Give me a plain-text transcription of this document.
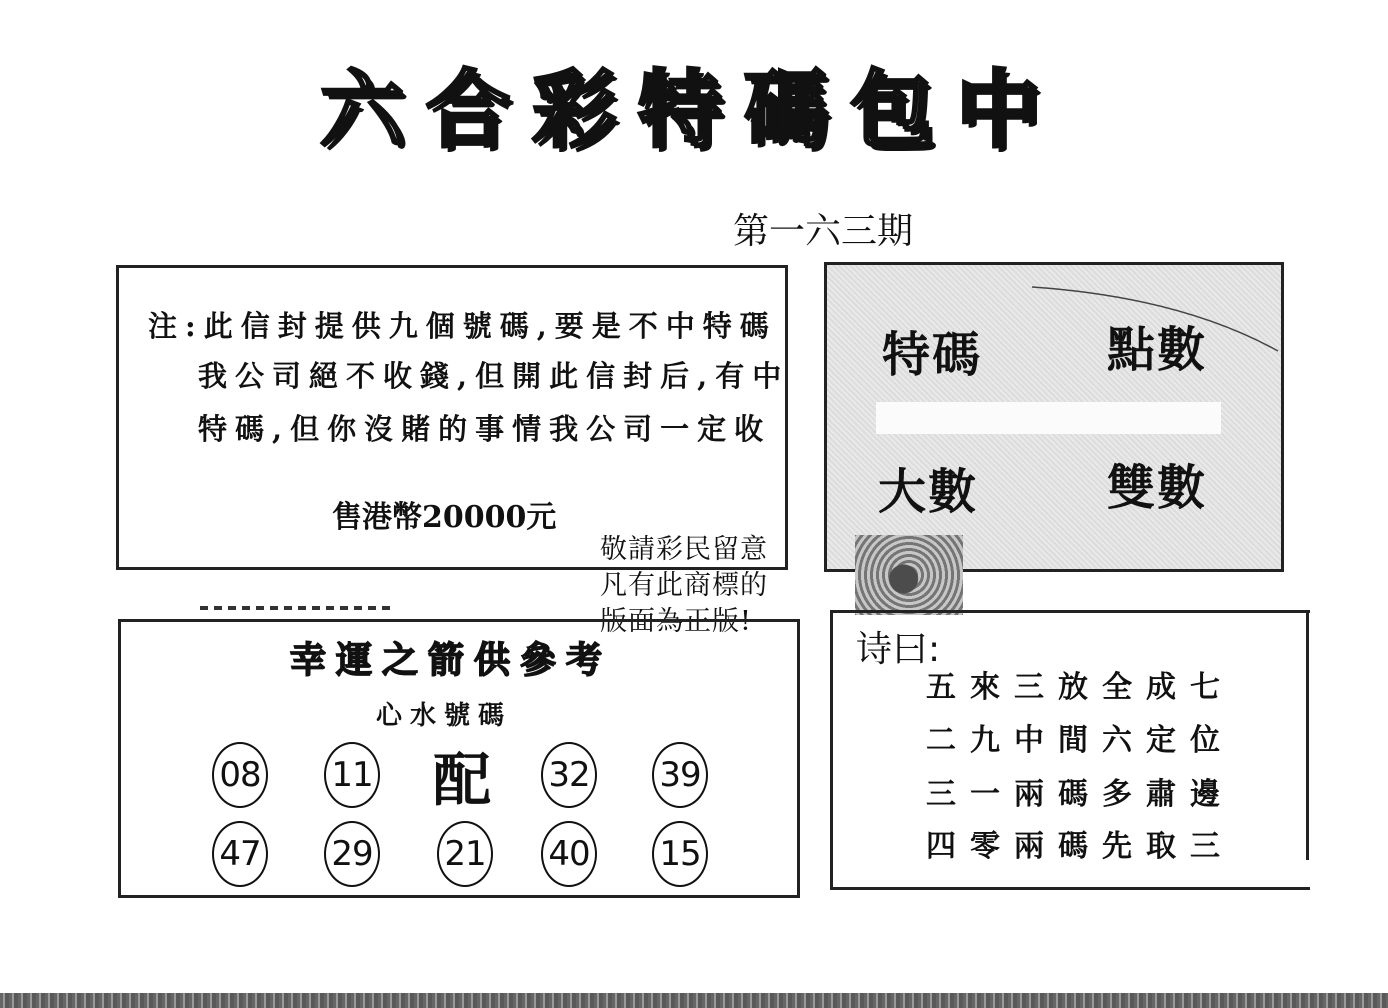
六合彩特碼包中
第一六三期
注:此信封提供九個號碼,要是不中特碼
我公司絕不收錢,但開此信封后,有中
特碼,但你沒賭的事情我公司一定收
售港幣20000元
特碼	點數
大數	雙數
敬請彩民留意
凡有此商標的
版面為正版!
幸運之箭供參考
心水號碼
08 11 配 32 39
47 29 21 40 15
诗曰:
五來三放全成七
二九中間六定位
三一兩碼多肅邊
四零兩碼先取三
